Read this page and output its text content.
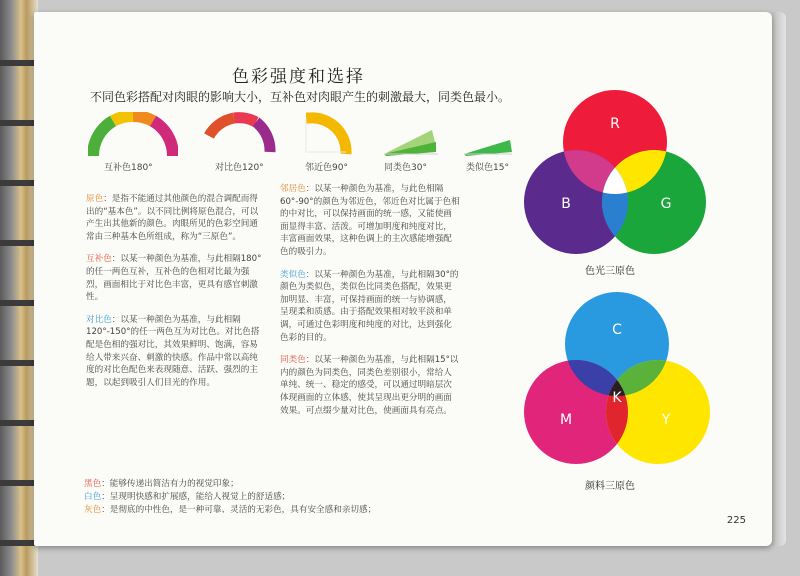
色彩强度和选择
不同色彩搭配对肉眼的影响大小，互补色对肉眼产生的刺激最大，同类色最小。
互补色180°	对比色120°	邻近色90°	同类色30°	类似色15°

原色：是指不能通过其他颜色的混合调配而得出的“基本色”。以不同比例将原色混合，可以产生出其他新的颜色。肉眼所见的色彩空间通常由三种基本色所组成，称为“三原色”。

互补色：以某一种颜色为基准，与此相隔180°的任一两色互补，互补色的色相对比最为强烈，画面相比于对比色丰富，更具有感官刺激性。

对比色：以某一种颜色为基准，与此相隔120°-150°的任一两色互为对比色。对比色搭配是色相的强对比，其效果鲜明、饱满，容易给人带来兴奋、刺激的快感。作品中常以高纯度的对比色配色来表现随意、活跃、强烈的主题，以起到吸引人们目光的作用。

邻居色：以某一种颜色为基准，与此色相隔60°-90°的颜色为邻近色，邻近色对比属于色相的中对比，可以保持画面的统一感，又能使画面显得丰富、活泼。可增加明度和纯度对比，丰富画面效果，这种色调上的主次感能增强配色的吸引力。

类似色：以某一种颜色为基准，与此相隔30°的颜色为类似色，类似色比同类色搭配，效果更加明显、丰富，可保持画面的统一与协调感，呈现柔和质感。由于搭配效果相对较平淡和单调，可通过色彩明度和纯度的对比，达到强化色彩的目的。

同类色：以某一种颜色为基准，与此相隔15°以内的颜色为同类色，同类色差别很小，常给人单纯、统一、稳定的感受，可以通过明暗层次体现画面的立体感，使其呈现出更分明的画面效果。可点缀少量对比色，使画面具有亮点。

黑色：能够传递出简洁有力的视觉印象；
白色：呈现明快感和扩展感，能给人视觉上的舒适感；
灰色：是彻底的中性色，是一种可靠、灵活的无彩色，具有安全感和亲切感；
R
G
B
色光三原色
C
M	Y
K
颜料三原色
225
